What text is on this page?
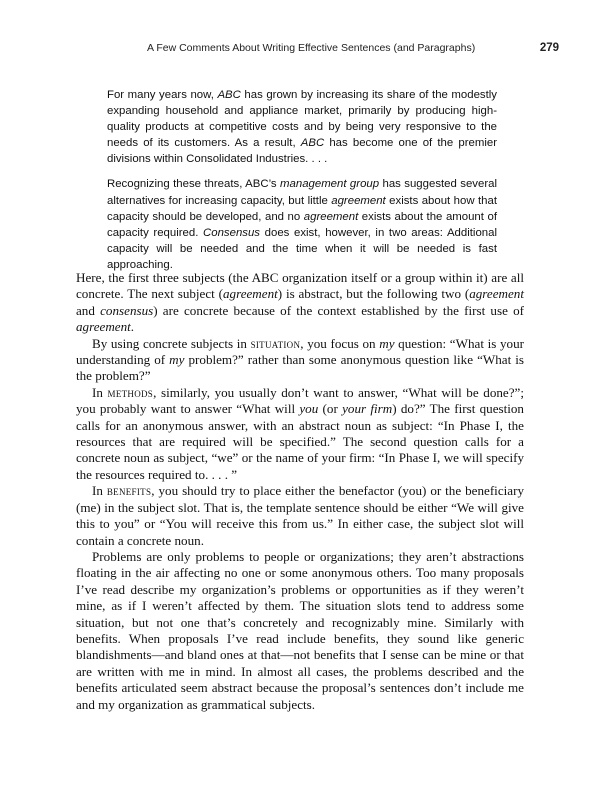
A Few Comments About Writing Effective Sentences (and Paragraphs)	279

For many years now, ABC has grown by increasing its share of the modestly expanding household and appliance market, primarily by producing high-quality products at competitive costs and by being very responsive to the needs of its customers. As a result, ABC has become one of the premier divisions within Consolidated Industries. . . .

Recognizing these threats, ABC’s management group has suggested several alternatives for increasing capacity, but little agreement exists about how that capacity should be developed, and no agreement exists about the amount of capacity required. Consensus does exist, however, in two areas: Additional capacity will be needed and the time when it will be needed is fast approaching.

Here, the first three subjects (the ABC organization itself or a group within it) are all concrete. The next subject (agreement) is abstract, but the following two (agreement and consensus) are concrete because of the context established by the first use of agreement.

By using concrete subjects in situation, you focus on my question: “What is your understanding of my problem?” rather than some anonymous question like “What is the problem?”

In methods, similarly, you usually don’t want to answer, “What will be done?”; you probably want to answer “What will you (or your firm) do?” The first question calls for an anonymous answer, with an abstract noun as subject: “In Phase I, the resources that are required will be specified.” The second question calls for a concrete noun as subject, “we” or the name of your firm: “In Phase I, we will specify the resources required to. . . . ”

In benefits, you should try to place either the benefactor (you) or the beneficiary (me) in the subject slot. That is, the template sentence should be either “We will give this to you” or “You will receive this from us.” In either case, the subject slot will contain a concrete noun.

Problems are only problems to people or organizations; they aren’t abstractions floating in the air affecting no one or some anonymous others. Too many proposals I’ve read describe my organization’s problems or opportunities as if they weren’t mine, as if I weren’t affected by them. The situation slots tend to address some situation, but not one that’s concretely and recognizably mine. Similarly with benefits. When proposals I’ve read include benefits, they sound like generic blandishments—and bland ones at that—not benefits that I sense can be mine or that are written with me in mind. In almost all cases, the problems described and the benefits articulated seem abstract because the proposal’s sentences don’t include me and my organization as grammatical subjects.
